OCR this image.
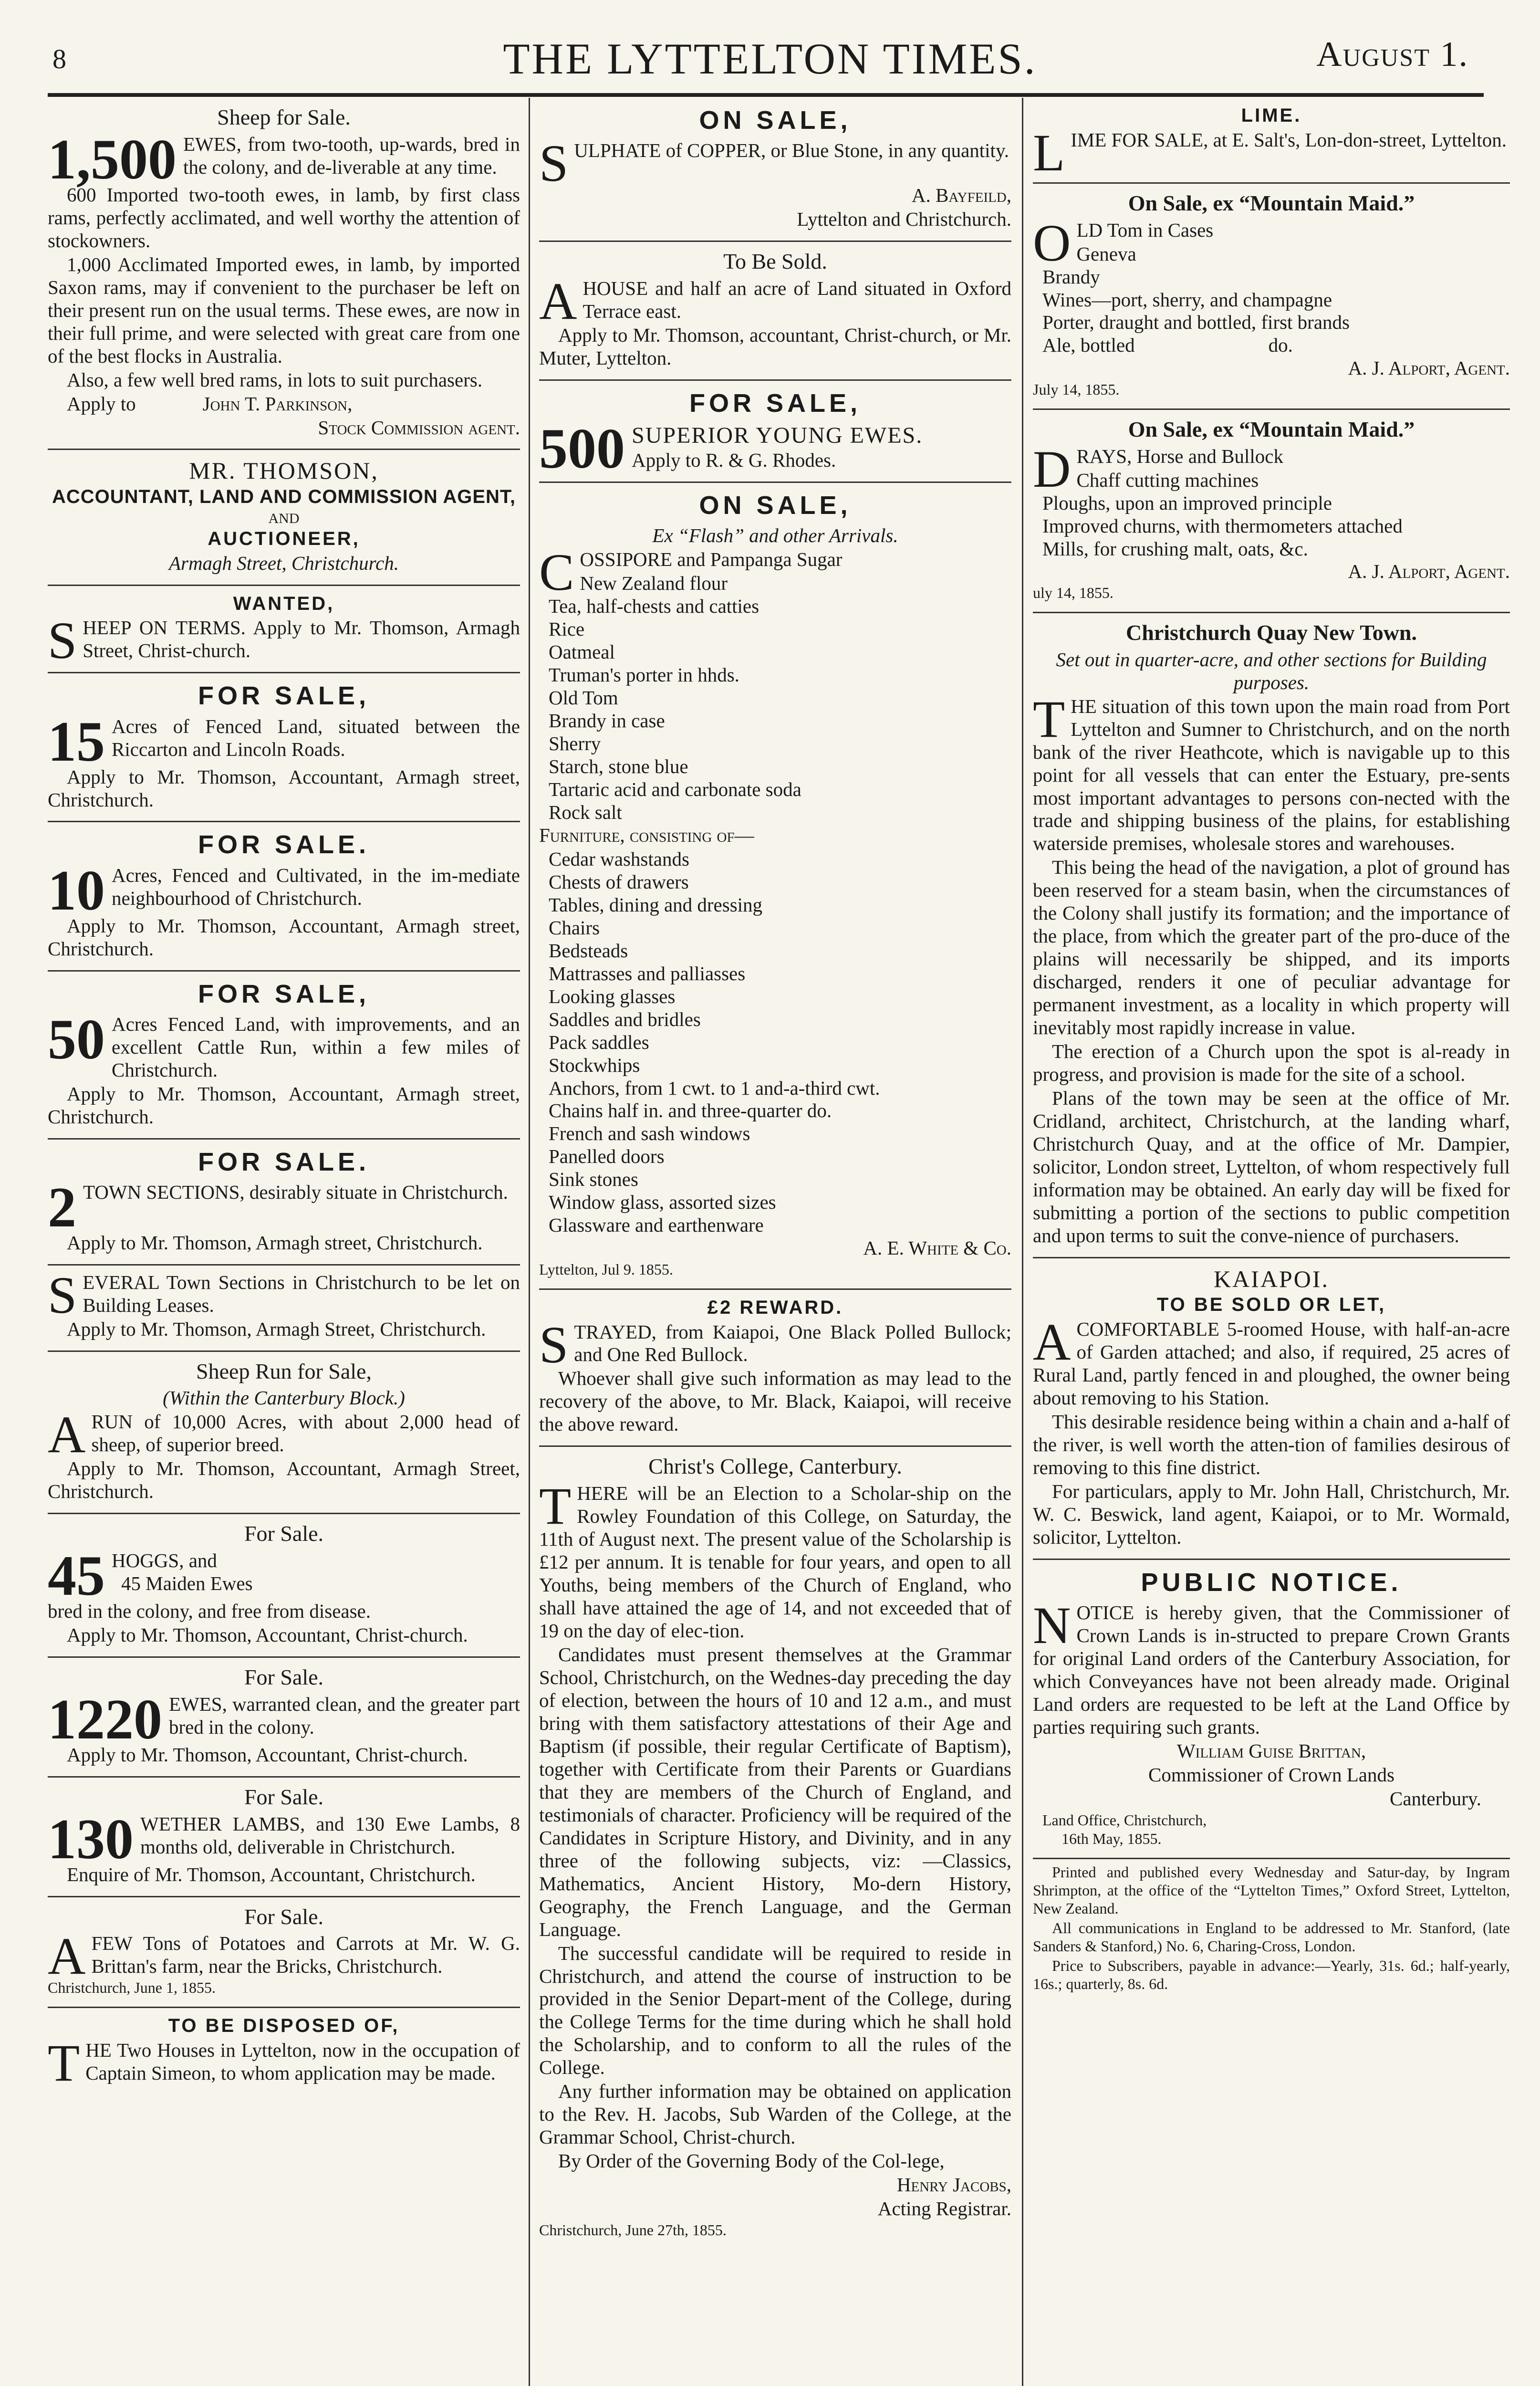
8	THE LYTTELTON TIMES.	August 1.
Sheep for Sale.

1,500 EWES, from two-tooth, up-wards, bred in the colony, and de-liverable at any time.

600 Imported two-tooth ewes, in lamb, by first class rams, perfectly acclimated, and well worthy the attention of stockowners.

1,000 Acclimated Imported ewes, in lamb, by imported Saxon rams, may if convenient to the purchaser be left on their present run on the usual terms. These ewes, are now in their full prime, and were selected with great care from one of the best flocks in Australia.

Also, a few well bred rams, in lots to suit purchasers.

Apply to	John T. Parkinson,

Stock Commission agent.

MR. THOMSON,
ACCOUNTANT, LAND AND COMMISSION AGENT,
AND
AUCTIONEER,
Armagh Street, Christchurch.
WANTED,

SHEEP ON TERMS. Apply to Mr. Thomson, Armagh Street, Christ-church.

FOR SALE,

15 Acres of Fenced Land, situated between the Riccarton and Lincoln Roads.

Apply to Mr. Thomson, Accountant, Armagh street, Christchurch.

FOR SALE.

10 Acres, Fenced and Cultivated, in the im-mediate neighbourhood of Christchurch.

Apply to Mr. Thomson, Accountant, Armagh street, Christchurch.

FOR SALE,

50 Acres Fenced Land, with improvements, and an excellent Cattle Run, within a few miles of Christchurch.

Apply to Mr. Thomson, Accountant, Armagh street, Christchurch.

FOR SALE.

2 TOWN SECTIONS, desirably situate in Christchurch.

Apply to Mr. Thomson, Armagh street, Christchurch.

SEVERAL Town Sections in Christchurch to be let on Building Leases.

Apply to Mr. Thomson, Armagh Street, Christchurch.

Sheep Run for Sale,
(Within the Canterbury Block.)

ARUN of 10,000 Acres, with about 2,000 head of sheep, of superior breed.

Apply to Mr. Thomson, Accountant, Armagh Street, Christchurch.

For Sale.

45 HOGGS, and
45 Maiden Ewes

bred in the colony, and free from disease.

Apply to Mr. Thomson, Accountant, Christ-church.

For Sale.

1220 EWES, warranted clean, and the greater part bred in the colony.

Apply to Mr. Thomson, Accountant, Christ-church.

For Sale.

130 WETHER LAMBS, and 130 Ewe Lambs, 8 months old, deliverable in Christchurch.

Enquire of Mr. Thomson, Accountant, Christchurch.

For Sale.

AFEW Tons of Potatoes and Carrots at Mr. W. G. Brittan's farm, near the Bricks, Christchurch.

Christchurch, June 1, 1855.

TO BE DISPOSED OF,

THE Two Houses in Lyttelton, now in the occupation of Captain Simeon, to whom application may be made.

ON SALE,

SULPHATE of COPPER, or Blue Stone, in any quantity.

A. Bayfeild,

Lyttelton and Christchurch.

To Be Sold.

AHOUSE and half an acre of Land situated in Oxford Terrace east.

Apply to Mr. Thomson, accountant, Christ-church, or Mr. Muter, Lyttelton.

FOR SALE,

500 SUPERIOR YOUNG EWES.
Apply to R. & G. Rhodes.

ON SALE,
Ex “Flash” and other Arrivals.

COSSIPORE and Pampanga Sugar

New Zealand flour
Tea, half-chests and catties
Rice
Oatmeal
Truman's porter in hhds.
Old Tom
Brandy in case
Sherry
Starch, stone blue
Tartaric acid and carbonate soda
Rock salt

Furniture, consisting of—

Cedar washstands
Chests of drawers
Tables, dining and dressing
Chairs
Bedsteads
Mattrasses and palliasses
Looking glasses
Saddles and bridles
Pack saddles
Stockwhips
Anchors, from 1 cwt. to 1 and-a-third cwt.
Chains half in. and three-quarter do.
French and sash windows
Panelled doors
Sink stones
Window glass, assorted sizes
Glassware and earthenware

A. E. White & Co.

Lyttelton, Jul 9. 1855.

£2 REWARD.

STRAYED, from Kaiapoi, One Black Polled Bullock; and One Red Bullock.

Whoever shall give such information as may lead to the recovery of the above, to Mr. Black, Kaiapoi, will receive the above reward.

Christ's College, Canterbury.

THERE will be an Election to a Scholar-ship on the Rowley Foundation of this College, on Saturday, the 11th of August next. The present value of the Scholarship is £12 per annum. It is tenable for four years, and open to all Youths, being members of the Church of England, who shall have attained the age of 14, and not exceeded that of 19 on the day of elec-tion.

Candidates must present themselves at the Grammar School, Christchurch, on the Wednes-day preceding the day of election, between the hours of 10 and 12 a.m., and must bring with them satisfactory attestations of their Age and Baptism (if possible, their regular Certificate of Baptism), together with Certificate from their Parents or Guardians that they are members of the Church of England, and testimonials of character. Proficiency will be required of the Candidates in Scripture History, and Divinity, and in any three of the following subjects, viz: —Classics, Mathematics, Ancient History, Mo-dern History, Geography, the French Language, and the German Language.

The successful candidate will be required to reside in Christchurch, and attend the course of instruction to be provided in the Senior Depart-ment of the College, during the College Terms for the time during which he shall hold the Scholarship, and to conform to all the rules of the College.

Any further information may be obtained on application to the Rev. H. Jacobs, Sub Warden of the College, at the Grammar School, Christ-church.

By Order of the Governing Body of the Col-lege,

Henry Jacobs,

Acting Registrar.

Christchurch, June 27th, 1855.

LIME.

LIME FOR SALE, at E. Salt's, Lon-don-street, Lyttelton.

On Sale, ex “Mountain Maid.”

OLD Tom in Cases

Geneva
Brandy
Wines—port, sherry, and champagne
Porter, draught and bottled, first brands
Ale, bottled	do.

A. J. Alport, Agent.

July 14, 1855.

On Sale, ex “Mountain Maid.”

DRAYS, Horse and Bullock

Chaff cutting machines
Ploughs, upon an improved principle
Improved churns, with thermometers attached
Mills, for crushing malt, oats, &c.

A. J. Alport, Agent.

uly 14, 1855.

Christchurch Quay New Town.
Set out in quarter-acre, and other sections for Building purposes.

THE situation of this town upon the main road from Port Lyttelton and Sumner to Christchurch, and on the north bank of the river Heathcote, which is navigable up to this point for all vessels that can enter the Estuary, pre-sents most important advantages to persons con-nected with the trade and shipping business of the plains, for establishing waterside premises, wholesale stores and warehouses.

This being the head of the navigation, a plot of ground has been reserved for a steam basin, when the circumstances of the Colony shall justify its formation; and the importance of the place, from which the greater part of the pro-duce of the plains will necessarily be shipped, and its imports discharged, renders it one of peculiar advantage for permanent investment, as a locality in which property will inevitably most rapidly increase in value.

The erection of a Church upon the spot is al-ready in progress, and provision is made for the site of a school.

Plans of the town may be seen at the office of Mr. Cridland, architect, Christchurch, at the landing wharf, Christchurch Quay, and at the office of Mr. Dampier, solicitor, London street, Lyttelton, of whom respectively full information may be obtained. An early day will be fixed for submitting a portion of the sections to public competition and upon terms to suit the conve-nience of purchasers.

KAIAPOI.
TO BE SOLD OR LET,

ACOMFORTABLE 5-roomed House, with half-an-acre of Garden attached; and also, if required, 25 acres of Rural Land, partly fenced in and ploughed, the owner being about removing to his Station.

This desirable residence being within a chain and a-half of the river, is well worth the atten-tion of families desirous of removing to this fine district.

For particulars, apply to Mr. John Hall, Christchurch, Mr. W. C. Beswick, land agent, Kaiapoi, or to Mr. Wormald, solicitor, Lyttelton.

PUBLIC NOTICE.

NOTICE is hereby given, that the Commissioner of Crown Lands is in-structed to prepare Crown Grants for original Land orders of the Canterbury Association, for which Conveyances have not been already made. Original Land orders are requested to be left at the Land Office by parties requiring such grants.

William Guise Brittan,

Commissioner of Crown Lands

Canterbury.

Land Office, Christchurch,

16th May, 1855.

Printed and published every Wednesday and Satur-day, by Ingram Shrimpton, at the office of the “Lyttelton Times,” Oxford Street, Lyttelton, New Zealand.

All communications in England to be addressed to Mr. Stanford, (late Sanders & Stanford,) No. 6, Charing-Cross, London.

Price to Subscribers, payable in advance:—Yearly, 31s. 6d.; half-yearly, 16s.; quarterly, 8s. 6d.
